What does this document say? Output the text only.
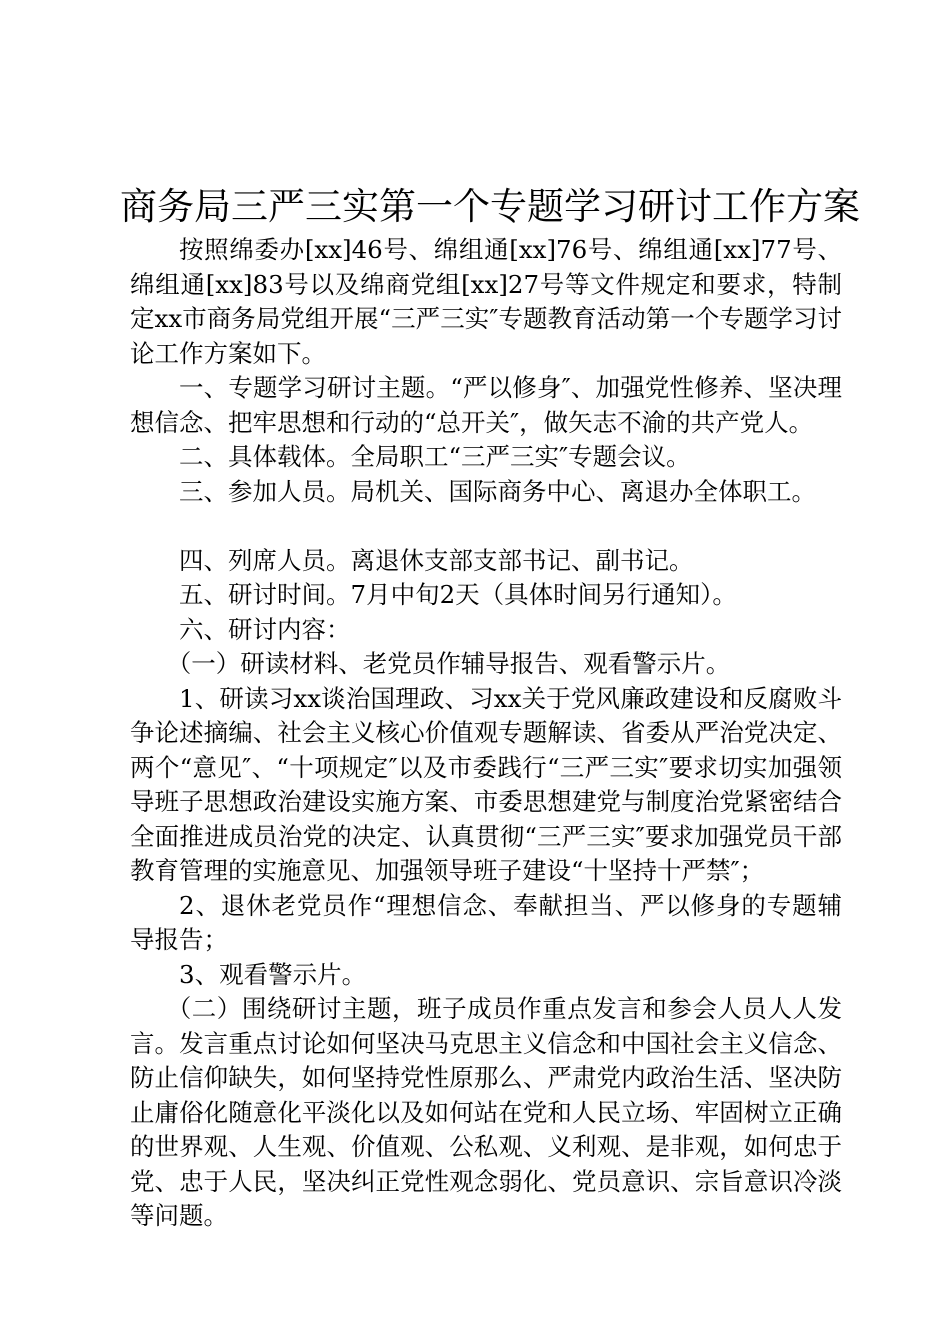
商务局三严三实第一个专题学习研讨工作方案

按照绵委办[xx]46号、绵组通[xx]76号、绵组通[xx]77号、绵组通[xx]83号以及绵商党组[xx]27号等文件规定和要求，特制定xx市商务局党组开展“三严三实″专题教育活动第一个专题学习讨论工作方案如下。

一、专题学习研讨主题。“严以修身″、加强党性修养、坚决理想信念、把牢思想和行动的“总开关″，做矢志不渝的共产党人。

二、具体载体。全局职工“三严三实″专题会议。

三、参加人员。局机关、国际商务中心、离退办全体职工。

四、列席人员。离退休支部支部书记、副书记。

五、研讨时间。7月中旬2天（具体时间另行通知）。

六、研讨内容：

（一）研读材料、老党员作辅导报告、观看警示片。

1、研读习xx谈治国理政、习xx关于党风廉政建设和反腐败斗争论述摘编、社会主义核心价值观专题解读、省委从严治党决定、两个“意见″、“十项规定″以及市委践行“三严三实″要求切实加强领导班子思想政治建设实施方案、市委思想建党与制度治党紧密结合全面推进成员治党的决定、认真贯彻“三严三实″要求加强党员干部教育管理的实施意见、加强领导班子建设“十坚持十严禁″；

2、退休老党员作“理想信念、奉献担当、严以修身的专题辅导报告；

3、观看警示片。

（二）围绕研讨主题，班子成员作重点发言和参会人员人人发言。发言重点讨论如何坚决马克思主义信念和中国社会主义信念、防止信仰缺失，如何坚持党性原那么、严肃党内政治生活、坚决防止庸俗化随意化平淡化以及如何站在党和人民立场、牢固树立正确的世界观、人生观、价值观、公私观、义利观、是非观，如何忠于党、忠于人民，坚决纠正党性观念弱化、党员意识、宗旨意识冷淡等问题。
